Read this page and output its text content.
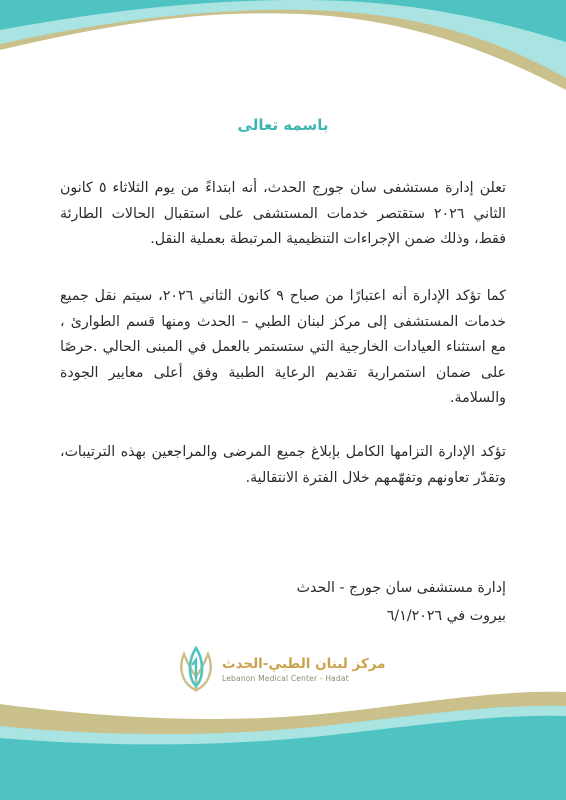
باسمه تعالى

تعلن إدارة مستشفى سان جورج الحدث، أنه ابتداءً من يوم الثلاثاء ٥ كانون الثاني ٢٠٢٦ ستقتصر خدمات المستشفى على استقبال الحالات الطارئة فقط، وذلك ضمن الإجراءات التنظيمية المرتبطة بعملية النقل.

كما تؤكد الإدارة أنه اعتبارًا من صباح ٩ كانون الثاني ٢٠٢٦، سيتم نقل جميع خدمات المستشفى إلى مركز لبنان الطبي – الحدث ومنها قسم الطوارئ ، مع استثناء العيادات الخارجية التي ستستمر بالعمل في المبنى الحالي .حرصًا على ضمان استمرارية تقديم الرعاية الطبية وفق أعلى معايير الجودة والسلامة.

تؤكد الإدارة التزامها الكامل بإبلاغ جميع المرضى والمراجعين بهذه الترتيبات، وتقدّر تعاونهم وتفهّمهم خلال الفترة الانتقالية.

إدارة مستشفى سان جورج - الحدث
بيروت في ٦/١/٢٠٢٦
مركز لبنان الطبي-الحدث
Lebanon Medical Center - Hadat
